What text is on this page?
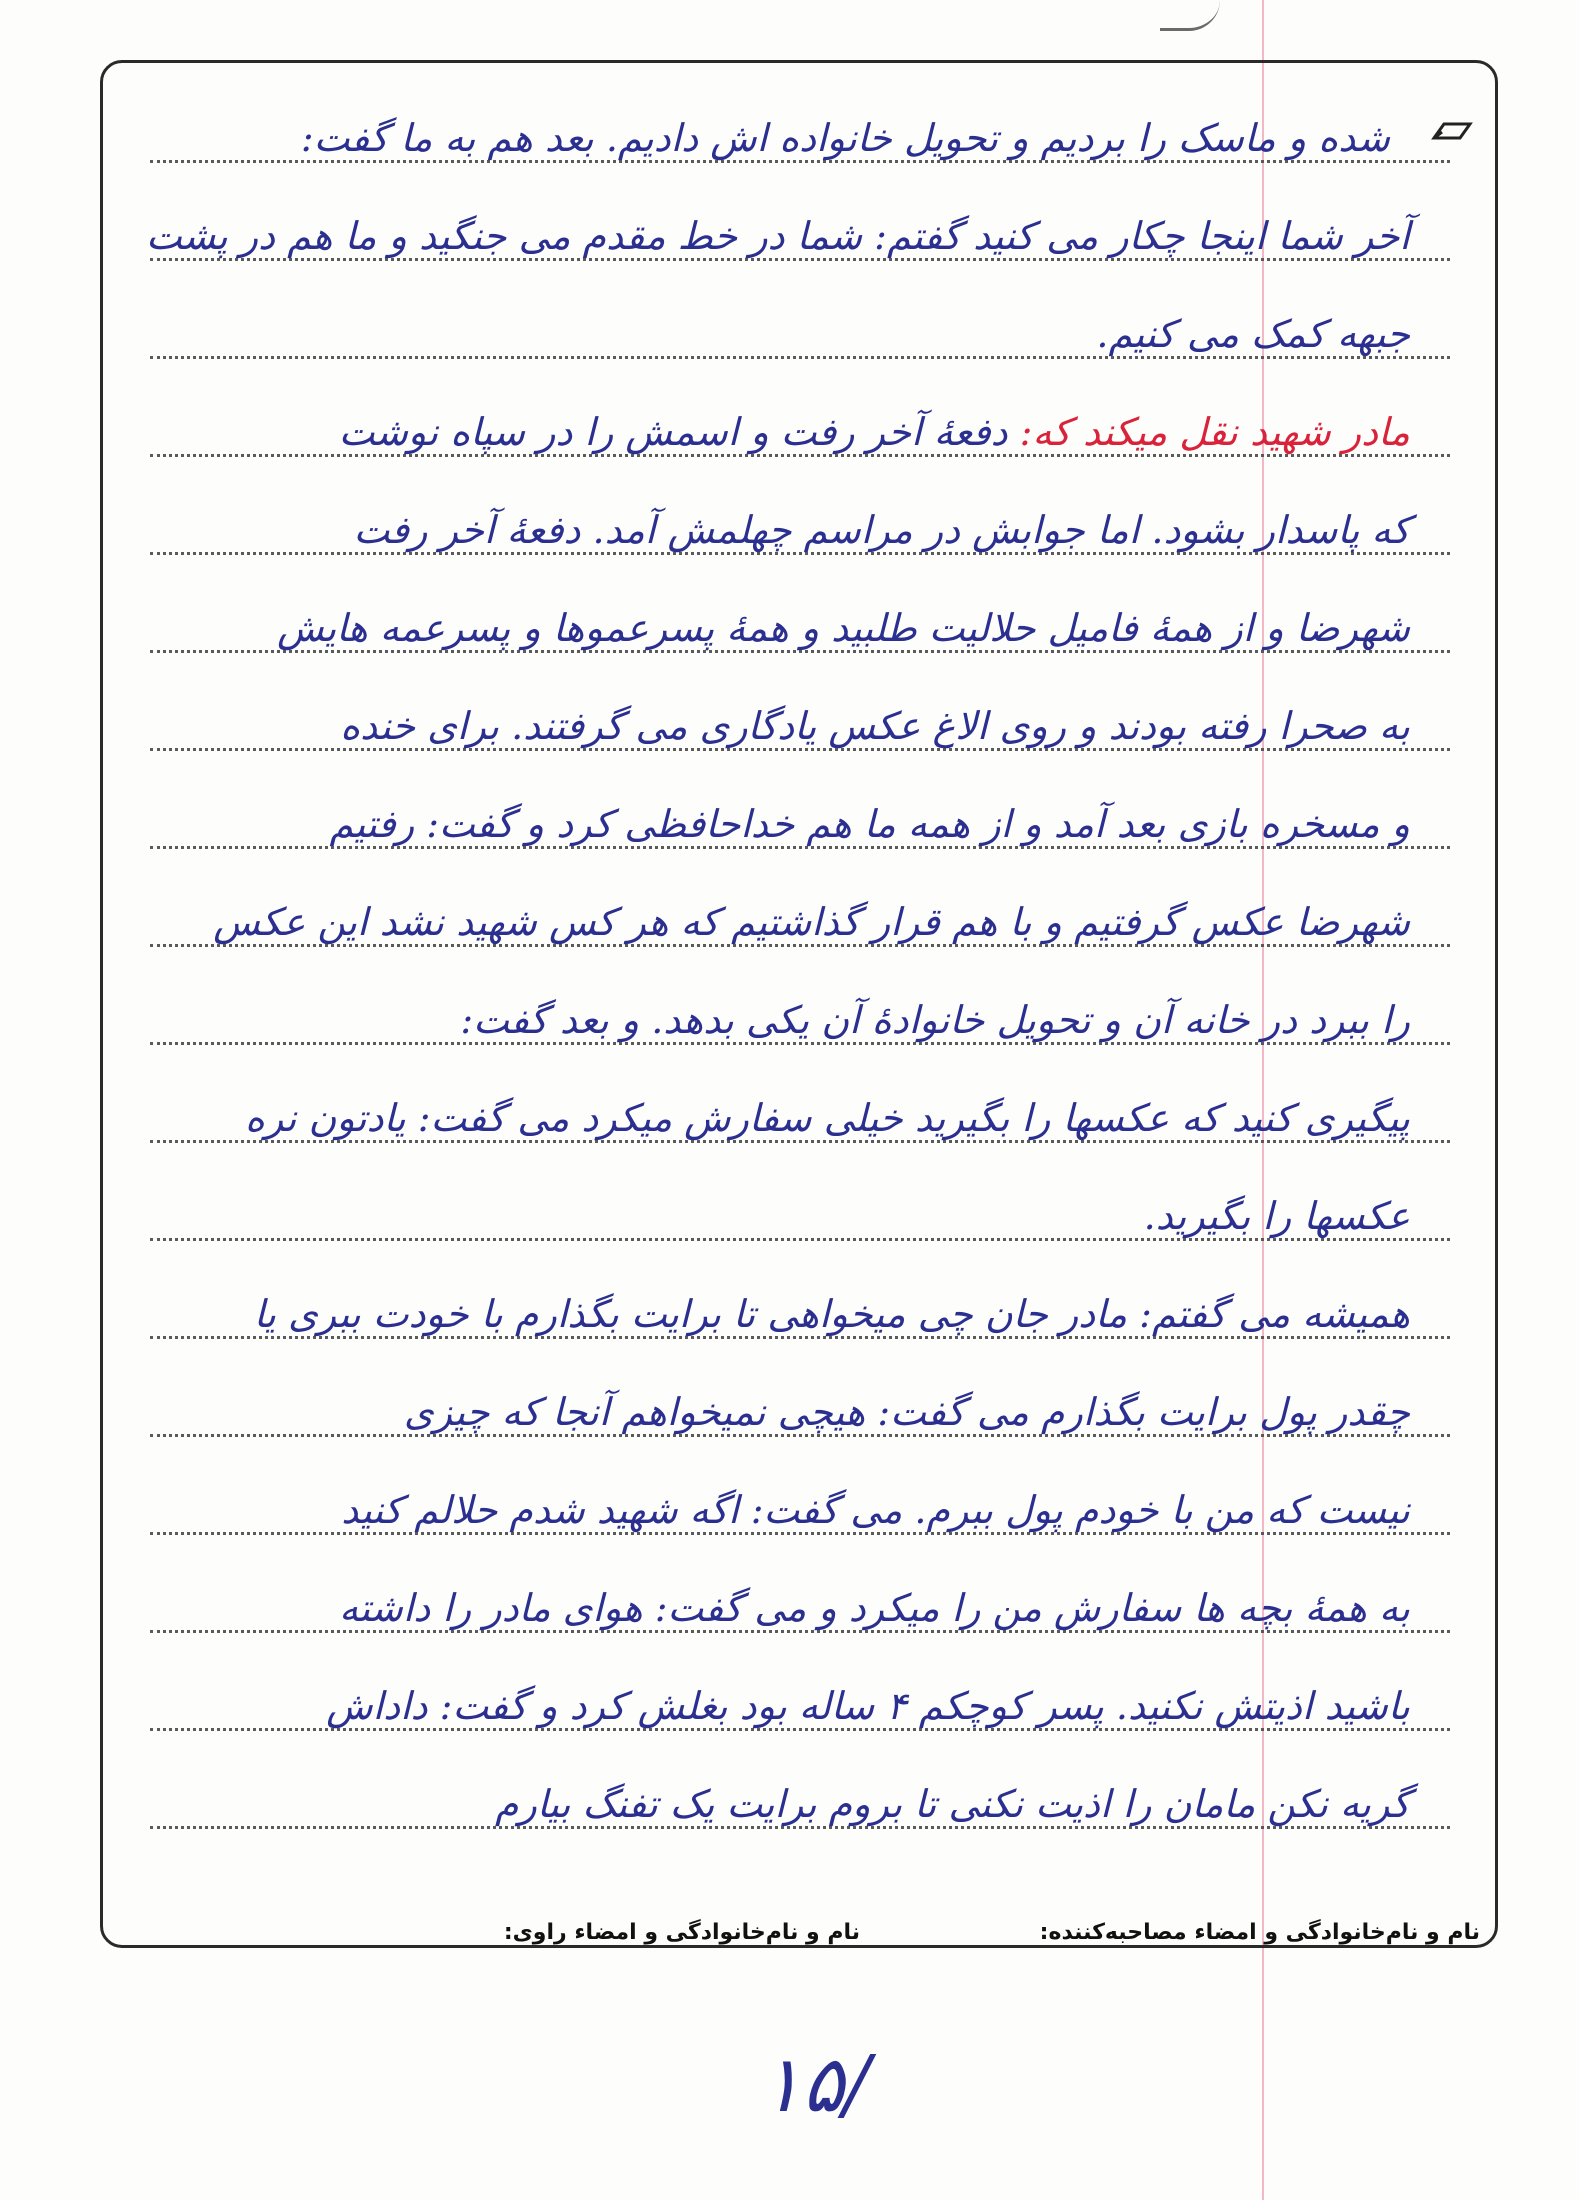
شده و ماسک را بردیم و تحویل خانواده اش دادیم. بعد هم به ما گفت:
آخر شما اینجا چکار می کنید گفتم: شما در خط مقدم می جنگید و ما هم در پشت
جبهه کمک می کنیم.
مادر شهید نقل میکند که: دفعهٔ آخر رفت و اسمش را در سپاه نوشت
که پاسدار بشود. اما جوابش در مراسم چهلمش آمد. دفعهٔ آخر رفت
شهرضا و از همهٔ فامیل حلالیت طلبید و همهٔ پسرعموها و پسرعمه هایش
به صحرا رفته بودند و روی الاغ عکس یادگاری می گرفتند. برای خنده
و مسخره بازی بعد آمد و از همه ما هم خداحافظی کرد و گفت: رفتیم
شهرضا عکس گرفتیم و با هم قرار گذاشتیم که هر کس شهید نشد این عکس
را ببرد در خانه آن و تحویل خانوادهٔ آن یکی بدهد. و بعد گفت:
پیگیری کنید که عکسها را بگیرید خیلی سفارش میکرد می گفت: یادتون نره
عکسها را بگیرید.
همیشه می گفتم: مادر جان چی میخواهی تا برایت بگذارم با خودت ببری یا
چقدر پول برایت بگذارم می گفت: هیچی نمیخواهم آنجا که چیزی
نیست که من با خودم پول ببرم. می گفت: اگه شهید شدم حلالم کنید
به همهٔ بچه ها سفارش من را میکرد و می گفت: هوای مادر را داشته
باشید اذیتش نکنید. پسر کوچکم ۴ ساله بود بغلش کرد و گفت: داداش
گریه نکن مامان را اذیت نکنی تا بروم برایت یک تفنگ بیارم
نام و نام‌خانوادگی و امضاء مصاحبه‌کننده:
نام و نام‌خانوادگی و امضاء راوی:
۱۵/
